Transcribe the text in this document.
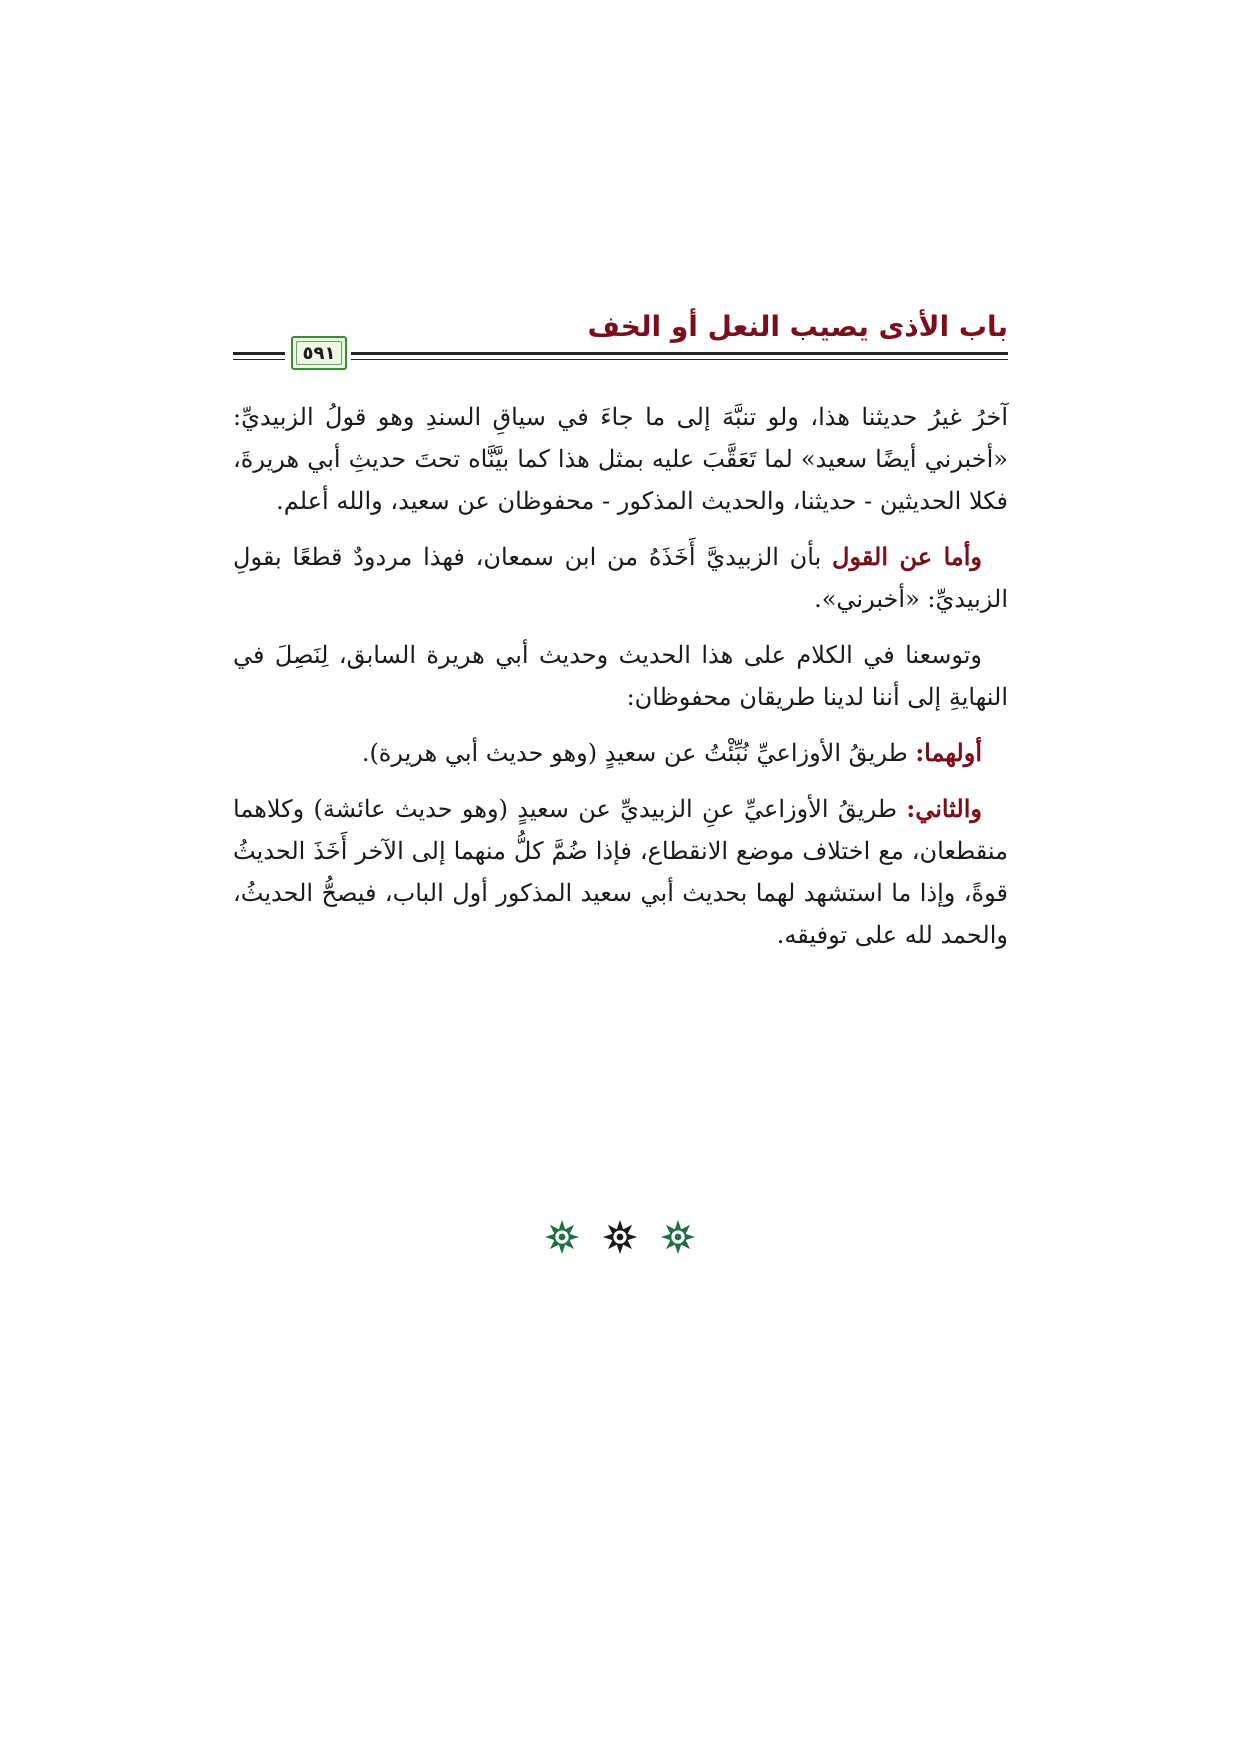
باب الأذى يصيب النعل أو الخف
٥٩١

آخرُ غيرُ حديثنا هذا، ولو تنبَّهَ إلى ما جاءَ في سياقِ السندِ وهو قولُ الزبيديِّ: «أخبرني أيضًا سعيد» لما تَعَقَّبَ عليه بمثل هذا كما بيَّنَّاه تحتَ حديثِ أبي هريرةَ، فكلا الحديثين - حديثنا، والحديث المذكور - محفوظان عن سعيد، والله أعلم.

وأما عن القول بأن الزبيديَّ أَخَذَهُ من ابن سمعان، فهذا مردودٌ قطعًا بقولِ الزبيديِّ: «أخبرني».

وتوسعنا في الكلام على هذا الحديث وحديث أبي هريرة السابق، لِنَصِلَ في النهايةِ إلى أننا لدينا طريقان محفوظان:

أولهما: طريقُ الأوزاعيِّ نُبِّئْتُ عن سعيدٍ (وهو حديث أبي هريرة).

والثاني: طريقُ الأوزاعيِّ عنِ الزبيديِّ عن سعيدٍ (وهو حديث عائشة) وكلاهما منقطعان، مع اختلاف موضع الانقطاع، فإذا ضُمَّ كلُّ منهما إلى الآخر أَخَذَ الحديثُ قوةً، وإذا ما استشهد لهما بحديث أبي سعيد المذكور أول الباب، فيصحُّ الحديثُ، والحمد لله على توفيقه.
